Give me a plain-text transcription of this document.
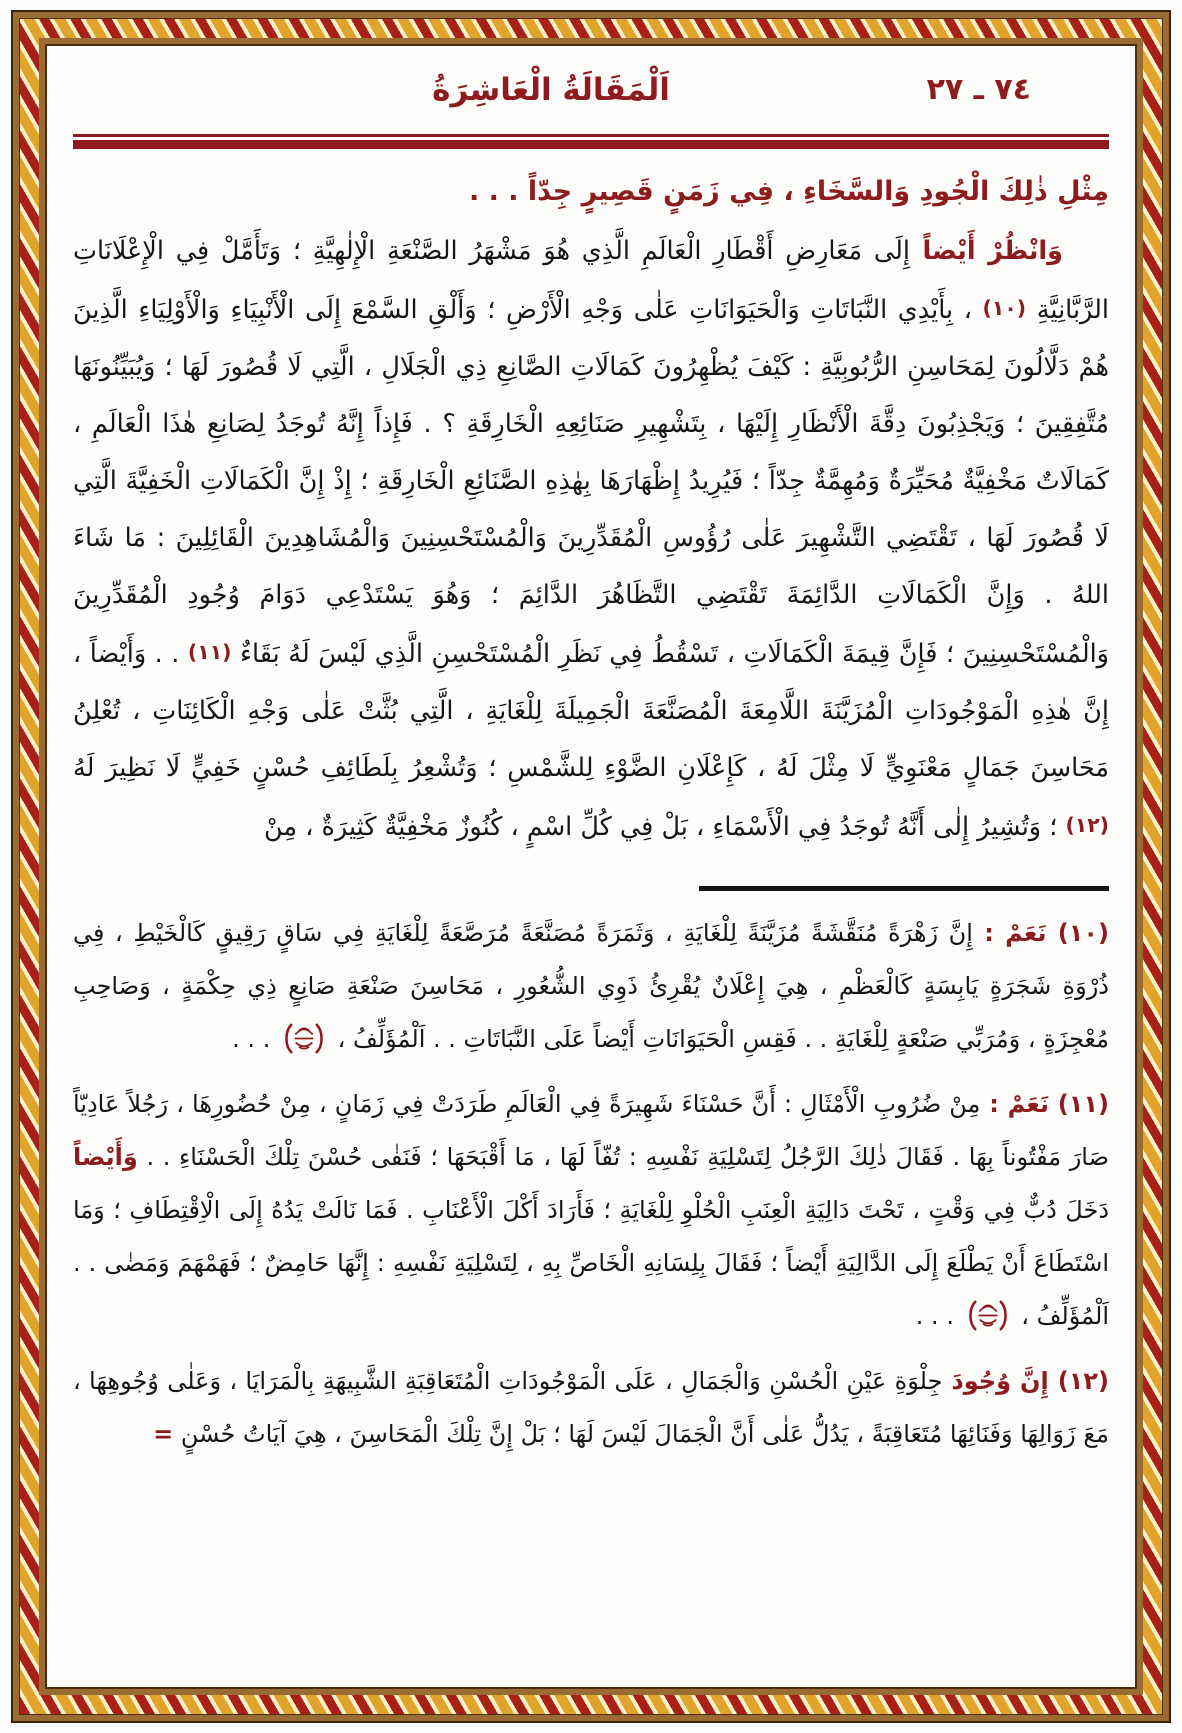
اَلْمَقَالَةُ الْعَاشِرَةُ	٧٤ ـ ٢٧

مِثْلِ ذٰلِكَ الْجُودِ وَالسَّخَاءِ ، فِي زَمَنٍ قَصِيرٍ جِدّاً . . .

وَانْظُرْ أَيْضاً إِلَى مَعَارِضِ أَقْطَارِ الْعَالَمِ الَّذِي هُوَ مَشْهَرُ الصَّنْعَةِ الْإِلٰهِيَّةِ ؛ وَتَأَمَّلْ فِي الْإِعْلَانَاتِ الرَّبَّانِيَّةِ (١٠) ، بِأَيْدِي النَّبَاتَاتِ وَالْحَيَوَانَاتِ عَلٰى وَجْهِ الْأَرْضِ ؛ وَأَلْقِ السَّمْعَ إِلَى الْأَنْبِيَاءِ وَالْأَوْلِيَاءِ الَّذِينَ هُمْ دَلَّالُونَ لِمَحَاسِنِ الرُّبُوبِيَّةِ : كَيْفَ يُظْهِرُونَ كَمَالَاتِ الصَّانِعِ ذِي الْجَلَالِ ، الَّتِي لَا قُصُورَ لَهَا ؛ وَيُبَيِّنُونَهَا مُتَّفِقِينَ ؛ وَيَجْذِبُونَ دِقَّةَ الْأَنْظَارِ إِلَيْهَا ، بِتَشْهِيرِ صَنَائِعِهِ الْخَارِقَةِ ؟ . فَإِذاً إِنَّهُ تُوجَدُ لِصَانِعِ هٰذَا الْعَالَمِ ، كَمَالَاتٌ مَخْفِيَّةٌ مُحَيِّرَةٌ وَمُهِمَّةٌ جِدّاً ؛ فَيُرِيدُ إِظْهَارَهَا بِهٰذِهِ الصَّنَائِعِ الْخَارِقَةِ ؛ إِذْ إِنَّ الْكَمَالَاتِ الْخَفِيَّةَ الَّتِي لَا قُصُورَ لَهَا ، تَقْتَضِي التَّشْهِيرَ عَلٰى رُؤُوسِ الْمُقَدِّرِينَ وَالْمُسْتَحْسِنِينَ وَالْمُشَاهِدِينَ الْقَائِلِينَ : مَا شَاءَ اللهُ . وَإِنَّ الْكَمَالَاتِ الدَّائِمَةَ تَقْتَضِي التَّظَاهُرَ الدَّائِمَ ؛ وَهُوَ يَسْتَدْعِي دَوَامَ وُجُودِ الْمُقَدِّرِينَ وَالْمُسْتَحْسِنِينَ ؛ فَإِنَّ قِيمَةَ الْكَمَالَاتِ ، تَسْقُطُ فِي نَظَرِ الْمُسْتَحْسِنِ الَّذِي لَيْسَ لَهُ بَقَاءٌ (١١) . . وَأَيْضاً ، إِنَّ هٰذِهِ الْمَوْجُودَاتِ الْمُزَيَّنَةَ اللَّامِعَةَ الْمُصَنَّعَةَ الْجَمِيلَةَ لِلْغَايَةِ ، الَّتِي بُثَّتْ عَلٰى وَجْهِ الْكَائِنَاتِ ، تُعْلِنُ مَحَاسِنَ جَمَالٍ مَعْنَوِيٍّ لَا مِثْلَ لَهُ ، كَإِعْلَانِ الضَّوْءِ لِلشَّمْسِ ؛ وَتُشْعِرُ بِلَطَائِفِ حُسْنٍ خَفِيٍّ لَا نَظِيرَ لَهُ (١٢) ؛ وَتُشِيرُ إِلٰى أَنَّهُ تُوجَدُ فِي الْأَسْمَاءِ ، بَلْ فِي كُلِّ اسْمٍ ، كُنُوزٌ مَخْفِيَّةٌ كَثِيرَةٌ ، مِنْ

(١٠) نَعَمْ : إِنَّ زَهْرَةً مُنَقَّشَةً مُزَيَّنَةً لِلْغَايَةِ ، وَثَمَرَةً مُصَنَّعَةً مُرَصَّعَةً لِلْغَايَةِ فِي سَاقٍ رَقِيقٍ كَالْخَيْطِ ، فِي ذُرْوَةِ شَجَرَةٍ يَابِسَةٍ كَالْعَظْمِ ، هِيَ إِعْلَانٌ يُقْرِئُ ذَوِي الشُّعُورِ ، مَحَاسِنَ صَنْعَةِ صَانِعٍ ذِي حِكْمَةٍ ، وَصَاحِبِ مُعْجِزَةٍ ، وَمُرَبِّي صَنْعَةٍ لِلْغَايَةِ . . فَقِسِ الْحَيَوَانَاتِ أَيْضاً عَلَى النَّبَاتَاتِ . . اَلْمُؤَلِّفُ ،  . . .

(١١) نَعَمْ : مِنْ ضُرُوبِ الْأَمْثَالِ : أَنَّ حَسْنَاءَ شَهِيرَةً فِي الْعَالَمِ طَرَدَتْ فِي زَمَانٍ ، مِنْ حُضُورِهَا ، رَجُلاً عَادِيّاً صَارَ مَفْتُوناً بِهَا . فَقَالَ ذٰلِكَ الرَّجُلُ لِتَسْلِيَةِ نَفْسِهِ : تُفّاً لَهَا ، مَا أَقْبَحَهَا ؛ فَنَفٰى حُسْنَ تِلْكَ الْحَسْنَاءِ . . وَأَيْضاً دَخَلَ دُبٌّ فِي وَقْتٍ ، تَحْتَ دَالِيَةِ الْعِنَبِ الْحُلْوِ لِلْغَايَةِ ؛ فَأَرَادَ أَكْلَ الْأَعْنَابِ . فَمَا نَالَتْ يَدُهُ إِلَى الْاِقْتِطَافِ ؛ وَمَا اسْتَطَاعَ أَنْ يَطْلَعَ إِلَى الدَّالِيَةِ أَيْضاً ؛ فَقَالَ بِلِسَانِهِ الْخَاصِّ بِهِ ، لِتَسْلِيَةِ نَفْسِهِ : إِنَّهَا حَامِضٌ ؛ فَهَمْهَمَ وَمَضٰى . . اَلْمُؤَلِّفُ ،  . . .

(١٢) إِنَّ وُجُودَ جِلْوَةِ عَيْنِ الْحُسْنِ وَالْجَمَالِ ، عَلَى الْمَوْجُودَاتِ الْمُتَعَاقِبَةِ الشَّبِيهَةِ بِالْمَرَايَا ، وَعَلٰى وُجُوهِهَا ، مَعَ زَوَالِهَا وَفَنَائِهَا مُتَعَاقِبَةً ، يَدُلُّ عَلٰى أَنَّ الْجَمَالَ لَيْسَ لَهَا ؛ بَلْ إِنَّ تِلْكَ الْمَحَاسِنَ ، هِيَ آيَاتُ حُسْنٍ =
